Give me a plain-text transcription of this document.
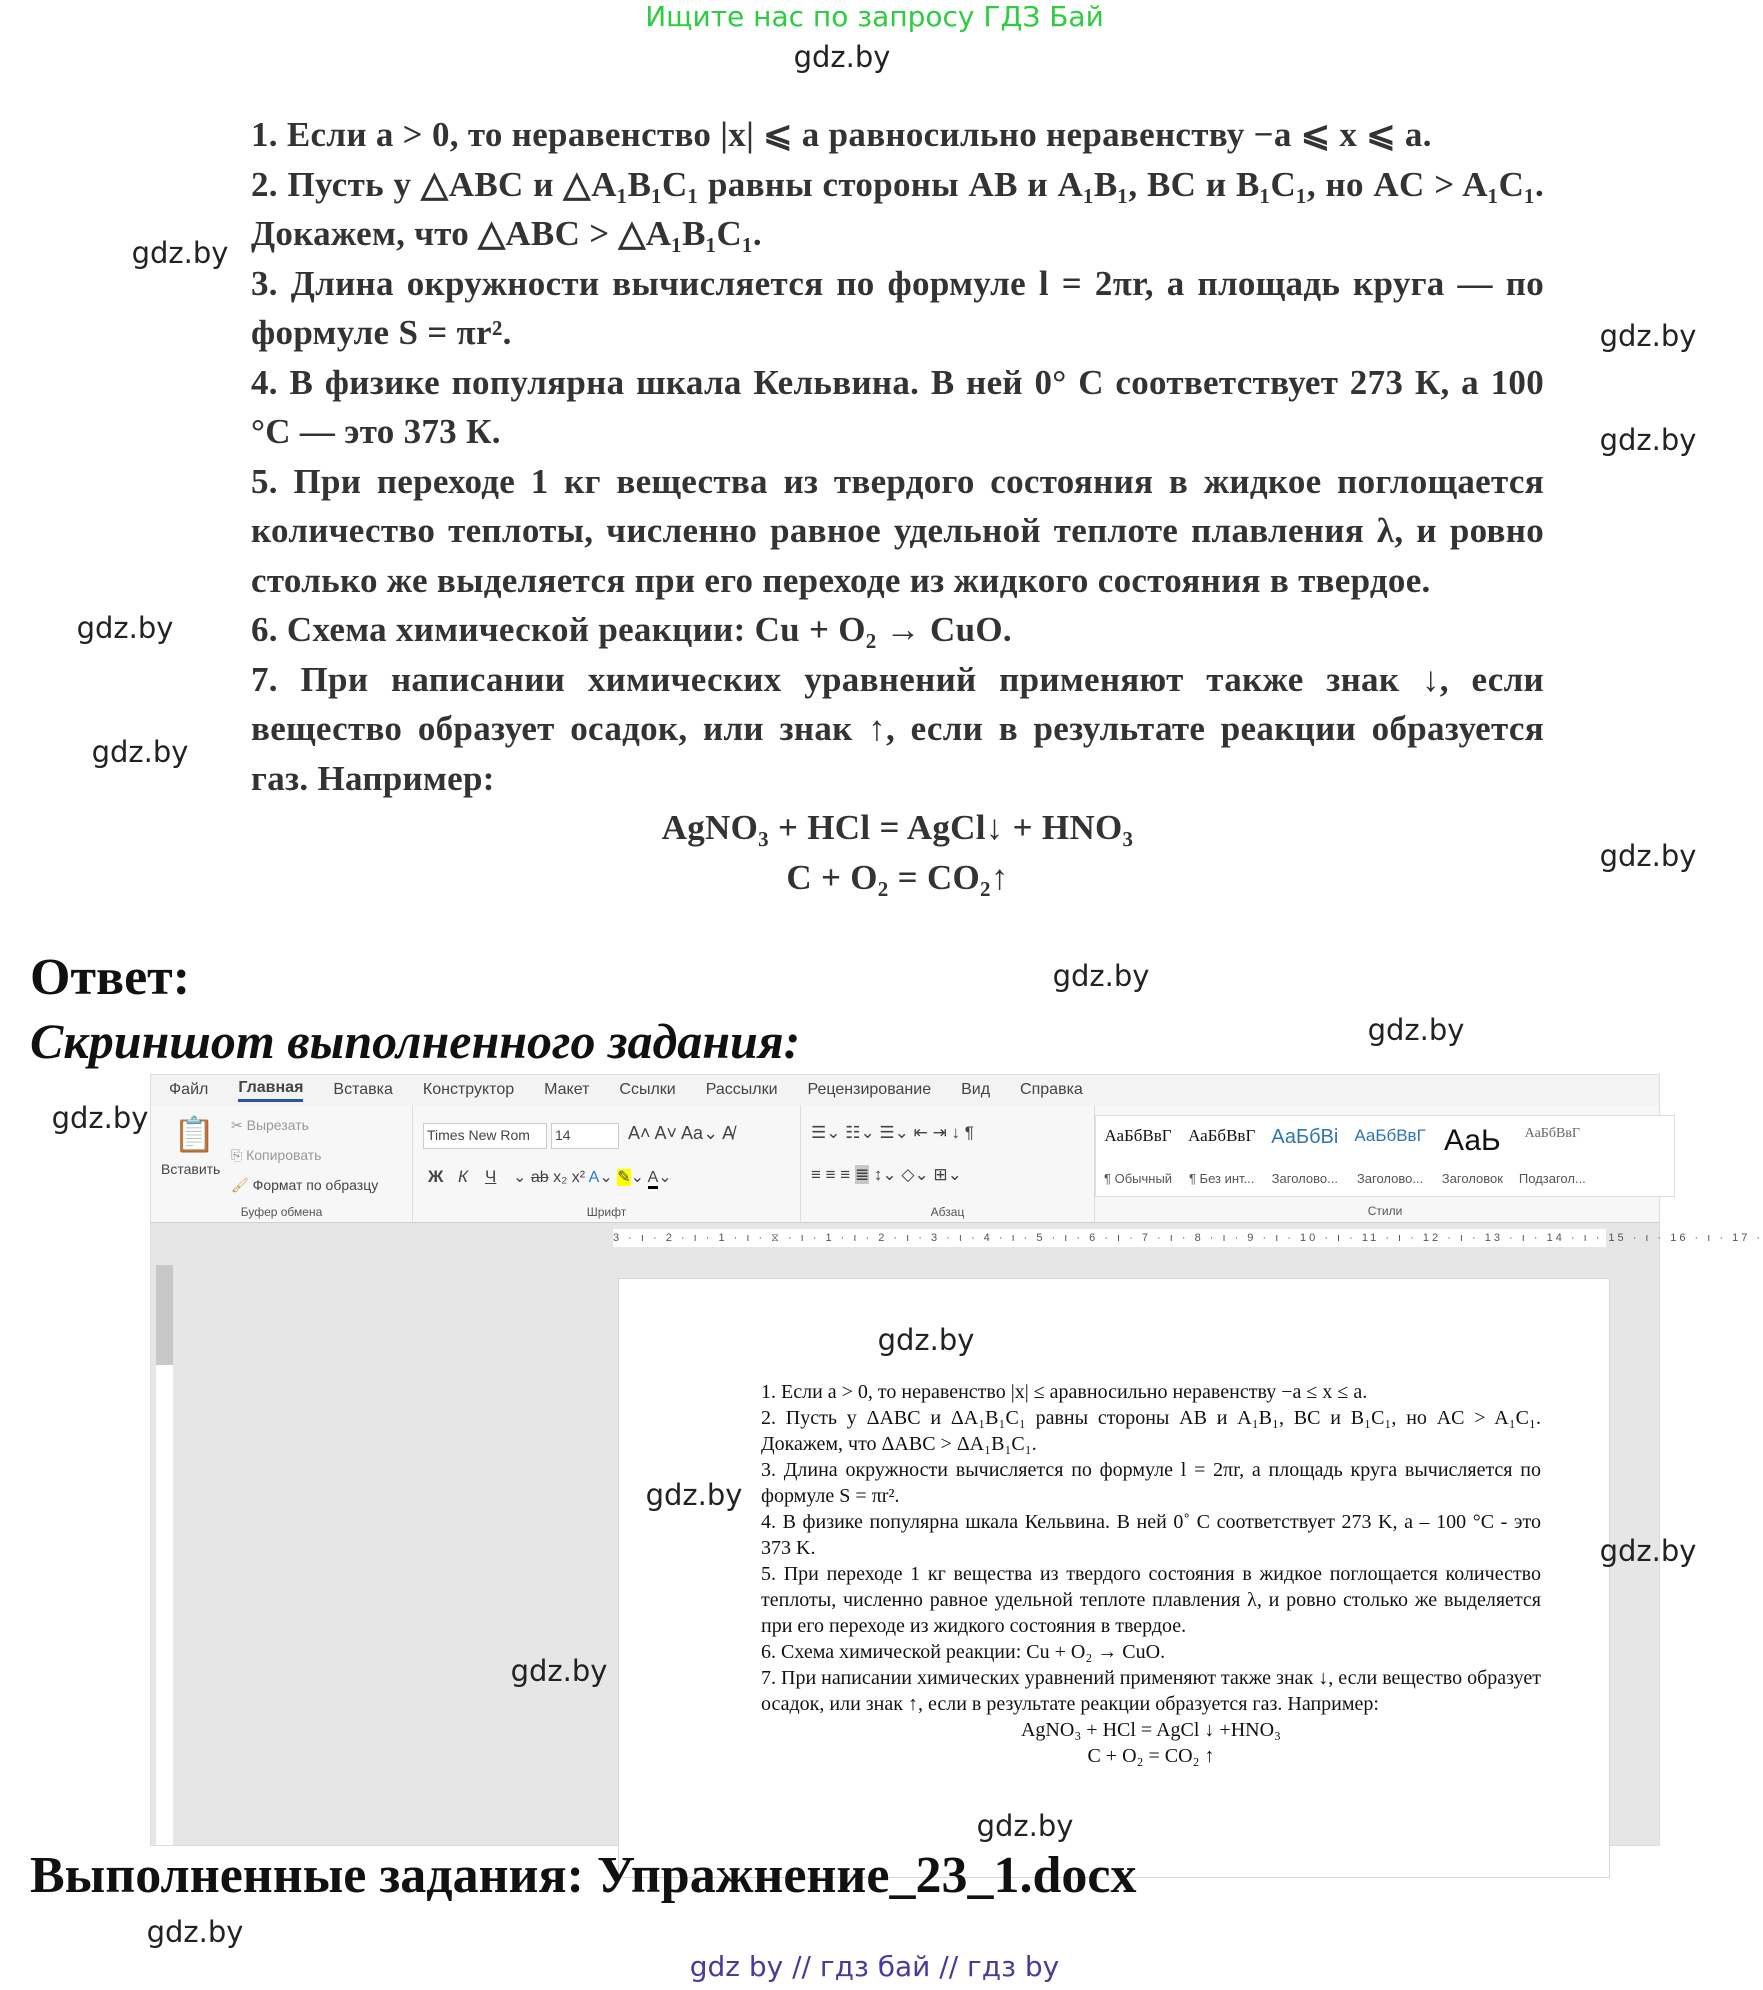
Ищите нас по запросу ГДЗ Бай

1. Если a > 0, то неравенство |x| ⩽ a равносильно неравенству −a ⩽ x ⩽ a.

2. Пусть у △ABC и △A₁B₁C₁ равны стороны AB и A₁B₁, BC и B₁C₁, но AC > A₁C₁. Докажем, что △ABC > △A₁B₁C₁.

3. Длина окружности вычисляется по формуле l = 2πr, а площадь круга — по формуле S = πr².

4. В физике популярна шкала Кельвина. В ней 0° С соответствует 273 К, а 100 °С — это 373 К.

5. При переходе 1 кг вещества из твердого состояния в жидкое поглощается количество теплоты, численно равное удельной теплоте плавления λ, и ровно столько же выделяется при его переходе из жидкого состояния в твердое.

6. Схема химической реакции: Cu + O₂ → CuO.

7. При написании химических уравнений применяют также знак ↓, если вещество образует осадок, или знак ↑, если в результате реакции образуется газ. Например:

AgNO₃ + HCl = AgCl↓ + HNO₃

C + O₂ = CO₂↑

Ответ:
Скриншот выполненного задания:
Файл Главная Вставка Конструктор Макет Ссылки Рассылки Рецензирование Вид Справка
📋
Вставить
✂ Вырезать
⎘ Копировать
🖌 Формат по образцу
Буфер обмена
Times New Rom	14	A˄ A˅ Aa⌄ A̸
Ж К Ч ⌄ ab x₂ x² A⌄ ✎⌄ A⌄
Шрифт
☰⌄ ☷⌄ ☰⌄ ⇤ ⇥ ↓ ¶
≡ ≡ ≡ ≣ ↕⌄ ◇⌄ ⊞⌄
Абзац
АаБбВвГ
¶ Обычный
АаБбВвГ
¶ Без инт...
АаБбВі
Заголово...
АаБбВвГ
Заголово...
АаЬ
Заголовок
АаБбВвГ
Подзагол...
Стили
3 · ı · 2 · ı · 1 · ı · ⧖ · ı · 1 · ı · 2 · ı · 3 · ı · 4 · ı · 5 · ı · 6 · ı · 7 · ı · 8 · ı · 9 · ı · 10 · ı · 11 · ı · 12 · ı · 13 · ı · 14 · ı · 15 · ı · 16 · ı · 17 ·

1. Если a > 0, то неравенство |x| ≤ aравносильно неравенству −a ≤ x ≤ a.

2. Пусть у ΔABC и ΔA₁B₁C₁ равны стороны AB и A₁B₁, BC и B₁C₁, но AC > A₁C₁. Докажем, что ΔABC > ΔA₁B₁C₁.

3. Длина окружности вычисляется по формуле l = 2πr, а площадь круга вычисляется по формуле S = πr².

4. В физике популярна шкала Кельвина. В ней 0˚ C соответствует 273 K, а – 100 °C - это 373 K.

5. При переходе 1 кг вещества из твердого состояния в жидкое поглощается количество теплоты, численно равное удельной теплоте плавления λ, и ровно столько же выделяется при его переходе из жидкого состояния в твердое.

6. Схема химической реакции: Cu + O₂ → CuO.

7. При написании химических уравнений применяют также знак ↓, если вещество образует осадок, или знак ↑, если в результате реакции образуется газ. Например:

AgNO₃ + HCl = AgCl ↓ +HNO₃

C + O₂ = CO₂ ↑

Выполненные задания: Упражнение_23_1.docx
gdz by // гдз бай // гдз by
gdz.by
gdz.by
gdz.by
gdz.by
gdz.by
gdz.by
gdz.by
gdz.by
gdz.by
gdz.by
gdz.by
gdz.by
gdz.by
gdz.by
gdz.by
gdz.by
